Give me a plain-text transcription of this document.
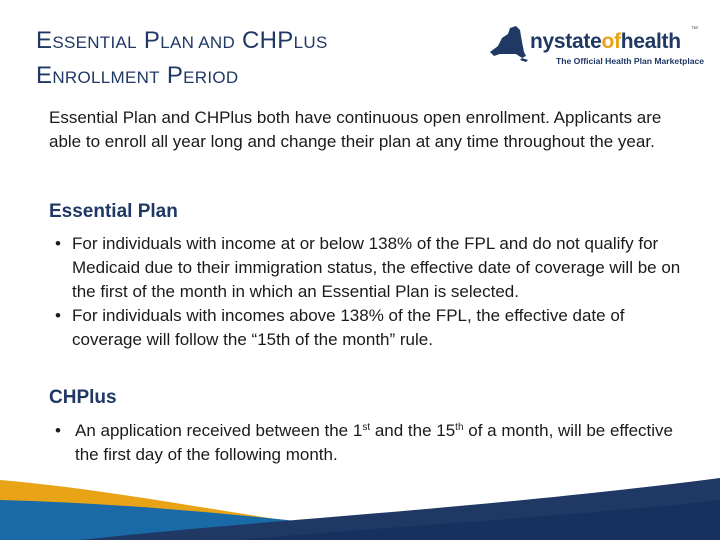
ESSENTIAL PLAN AND CHPLUS
ENROLLMENT PERIOD
nystateofhealth
™
The Official Health Plan Marketplace

Essential Plan and CHPlus both have continuous open enrollment. Applicants are able to enroll all year long and change their plan at any time throughout the year.

Essential Plan
• For individuals with income at or below 138% of the FPL and do not qualify for Medicaid due to their immigration status, the effective date of coverage will be on the first of the month in which an Essential Plan is selected.
• For individuals with incomes above 138% of the FPL, the effective date of coverage will follow the “15th of the month” rule.
CHPlus
• An application received between the 1st and the 15th of a month, will be effective the first day of the following month.
